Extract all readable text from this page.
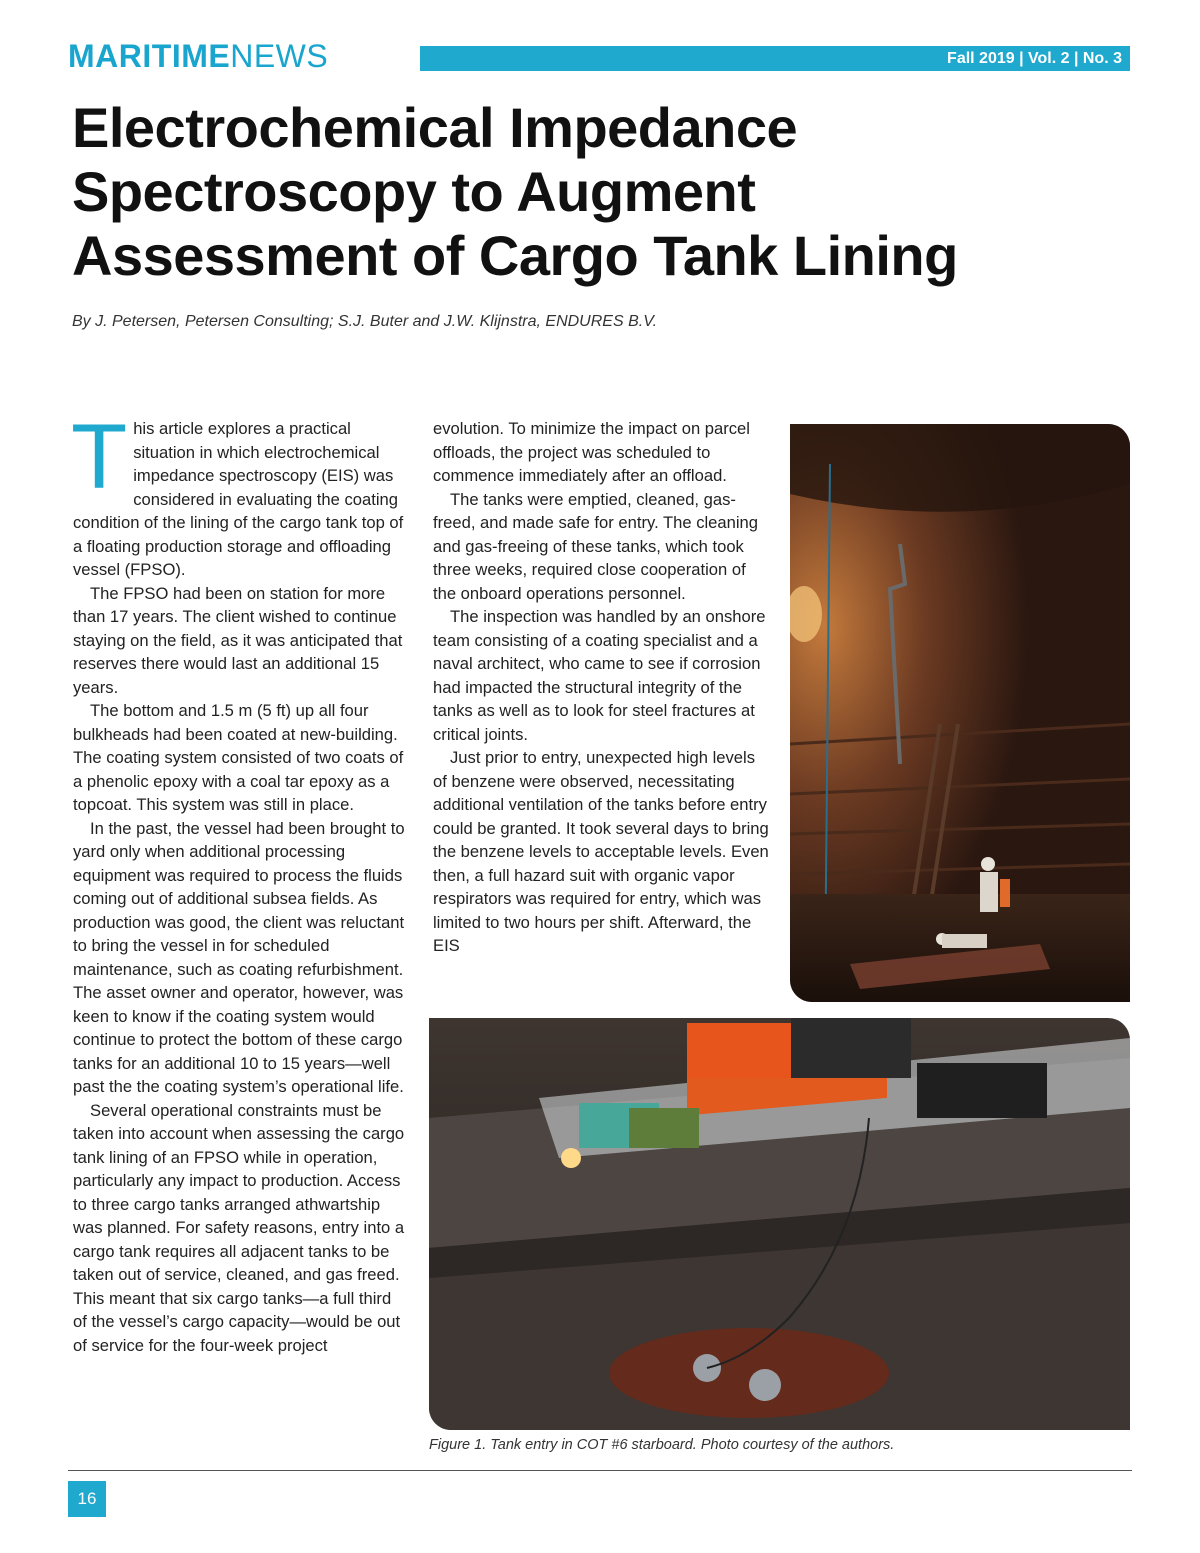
MARITIMENEWS	Fall 2019 | Vol. 2 | No. 3
Electrochemical Impedance Spectroscopy to Augment Assessment of Cargo Tank Lining
By J. Petersen, Petersen Consulting; S.J. Buter and J.W. Klijnstra, ENDURES B.V.

This article explores a practical situation in which electrochemical impedance spectroscopy (EIS) was considered in evaluating the coating condition of the lining of the cargo tank top of a floating production storage and offloading vessel (FPSO).

The FPSO had been on station for more than 17 years. The client wished to continue staying on the field, as it was anticipated that reserves there would last an additional 15 years.

The bottom and 1.5 m (5 ft) up all four bulkheads had been coated at new-building. The coating system consisted of two coats of a phenolic epoxy with a coal tar epoxy as a topcoat. This system was still in place.

In the past, the vessel had been brought to yard only when additional processing equipment was required to process the fluids coming out of additional subsea fields. As production was good, the client was reluctant to bring the vessel in for scheduled maintenance, such as coating refurbishment. The asset owner and operator, however, was keen to know if the coating system would continue to protect the bottom of these cargo tanks for an additional 10 to 15 years—well past the the coating system’s operational life.

Several operational constraints must be taken into account when assessing the cargo tank lining of an FPSO while in operation, particularly any impact to production. Access to three cargo tanks arranged athwartship was planned. For safety reasons, entry into a cargo tank requires all adjacent tanks to be taken out of service, cleaned, and gas freed. This meant that six cargo tanks—a full third of the vessel’s cargo capacity—would be out of service for the four-week project

evolution. To minimize the impact on parcel offloads, the project was scheduled to commence immediately after an offload.

The tanks were emptied, cleaned, gas-freed, and made safe for entry. The cleaning and gas-freeing of these tanks, which took three weeks, required close cooperation of the onboard operations personnel.

The inspection was handled by an onshore team consisting of a coating specialist and a naval architect, who came to see if corrosion had impacted the structural integrity of the tanks as well as to look for steel fractures at critical joints.

Just prior to entry, unexpected high levels of benzene were observed, necessitating additional ventilation of the tanks before entry could be granted. It took several days to bring the benzene levels to acceptable levels. Even then, a full hazard suit with organic vapor respirators was required for entry, which was limited to two hours per shift. Afterward, the EIS

Figure 1. Tank entry in COT #6 starboard. Photo courtesy of the authors.
16
